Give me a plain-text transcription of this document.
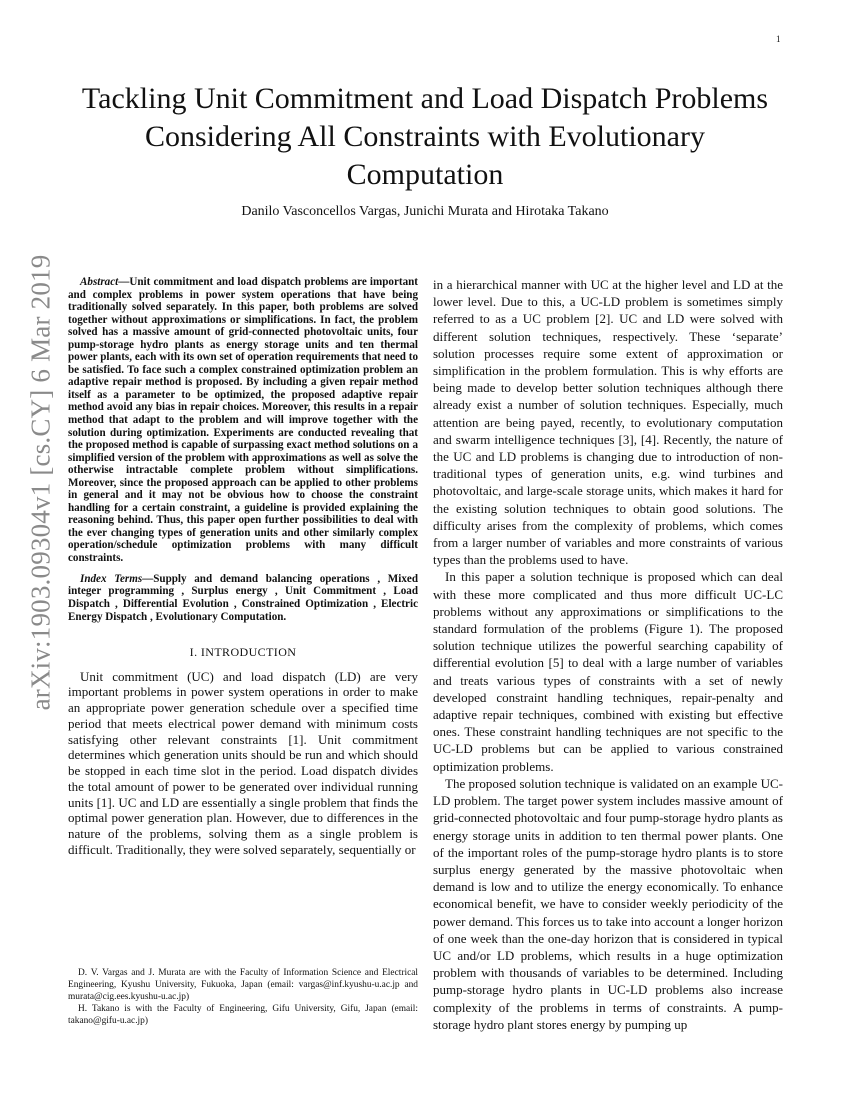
1
arXiv:1903.09304v1 [cs.CY] 6 Mar 2019
Tackling Unit Commitment and Load Dispatch Problems Considering All Constraints with Evolutionary Computation
Danilo Vasconcellos Vargas, Junichi Murata and Hirotaka Takano

Abstract—Unit commitment and load dispatch problems are important and complex problems in power system operations that have being traditionally solved separately. In this paper, both problems are solved together without approximations or simplifications. In fact, the problem solved has a massive amount of grid-connected photovoltaic units, four pump-storage hydro plants as energy storage units and ten thermal power plants, each with its own set of operation requirements that need to be satisfied. To face such a complex constrained optimization problem an adaptive repair method is proposed. By including a given repair method itself as a parameter to be optimized, the proposed adaptive repair method avoid any bias in repair choices. Moreover, this results in a repair method that adapt to the problem and will improve together with the solution during optimization. Experiments are conducted revealing that the proposed method is capable of surpassing exact method solutions on a simplified version of the problem with approximations as well as solve the otherwise intractable complete problem without simplifications. Moreover, since the proposed approach can be applied to other problems in general and it may not be obvious how to choose the constraint handling for a certain constraint, a guideline is provided explaining the reasoning behind. Thus, this paper open further possibilities to deal with the ever changing types of generation units and other similarly complex operation/schedule optimization problems with many difficult constraints.

Index Terms—Supply and demand balancing operations , Mixed integer programming , Surplus energy , Unit Commitment , Load Dispatch , Differential Evolution , Constrained Optimization , Electric Energy Dispatch , Evolutionary Computation.

I. INTRODUCTION

Unit commitment (UC) and load dispatch (LD) are very important problems in power system operations in order to make an appropriate power generation schedule over a specified time period that meets electrical power demand with minimum costs satisfying other relevant constraints [1]. Unit commitment determines which generation units should be run and which should be stopped in each time slot in the period. Load dispatch divides the total amount of power to be generated over individual running units [1]. UC and LD are essentially a single problem that finds the optimal power generation plan. However, due to differences in the nature of the problems, solving them as a single problem is difficult. Traditionally, they were solved separately, sequentially or

D. V. Vargas and J. Murata are with the Faculty of Information Science and Electrical Engineering, Kyushu University, Fukuoka, Japan (email: vargas@inf.kyushu-u.ac.jp and murata@cig.ees.kyushu-u.ac.jp)

H. Takano is with the Faculty of Engineering, Gifu University, Gifu, Japan (email: takano@gifu-u.ac.jp)

in a hierarchical manner with UC at the higher level and LD at the lower level. Due to this, a UC-LD problem is sometimes simply referred to as a UC problem [2]. UC and LD were solved with different solution techniques, respectively. These ‘separate’ solution processes require some extent of approximation or simplification in the problem formulation. This is why efforts are being made to develop better solution techniques although there already exist a number of solution techniques. Especially, much attention are being payed, recently, to evolutionary computation and swarm intelligence techniques [3], [4]. Recently, the nature of the UC and LD problems is changing due to introduction of non-traditional types of generation units, e.g. wind turbines and photovoltaic, and large-scale storage units, which makes it hard for the existing solution techniques to obtain good solutions. The difficulty arises from the complexity of problems, which comes from a larger number of variables and more constraints of various types than the problems used to have.

In this paper a solution technique is proposed which can deal with these more complicated and thus more difficult UC-LC problems without any approximations or simplifications to the standard formulation of the problems (Figure 1). The proposed solution technique utilizes the powerful searching capability of differential evolution [5] to deal with a large number of variables and treats various types of constraints with a set of newly developed constraint handling techniques, repair-penalty and adaptive repair techniques, combined with existing but effective ones. These constraint handling techniques are not specific to the UC-LD problems but can be applied to various constrained optimization problems.

The proposed solution technique is validated on an example UC-LD problem. The target power system includes massive amount of grid-connected photovoltaic and four pump-storage hydro plants as energy storage units in addition to ten thermal power plants. One of the important roles of the pump-storage hydro plants is to store surplus energy generated by the massive photovoltaic when demand is low and to utilize the energy economically. To enhance economical benefit, we have to consider weekly periodicity of the power demand. This forces us to take into account a longer horizon of one week than the one-day horizon that is considered in typical UC and/or LD problems, which results in a huge optimization problem with thousands of variables to be determined. Including pump-storage hydro plants in UC-LD problems also increase complexity of the problems in terms of constraints. A pump-storage hydro plant stores energy by pumping up
